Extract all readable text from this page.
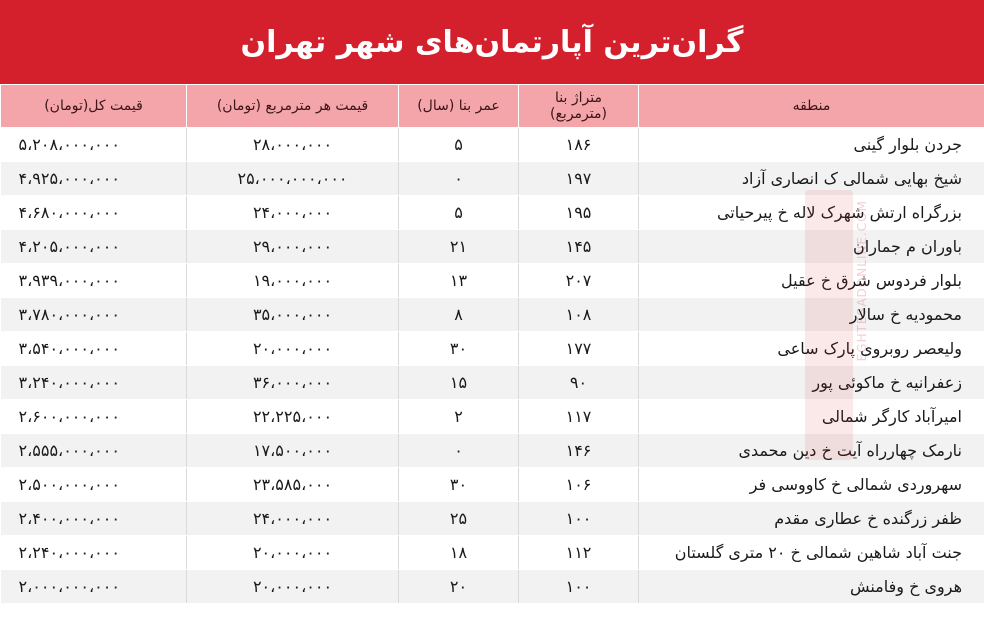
گران‌ترین آپارتمان‌های شهر تهران
منطقه	متراژ بنا (مترمربع)	عمر بنا (سال)	قیمت هر مترمربع (تومان)	قیمت کل(تومان)
جردن بلوار گینی	۱۸۶	۵	۲۸،۰۰۰،۰۰۰	۵،۲۰۸،۰۰۰،۰۰۰
شیخ بهایی شمالی ک انصاری آزاد	۱۹۷	۰	۲۵،۰۰۰،۰۰۰،۰۰۰	۴،۹۲۵،۰۰۰،۰۰۰
بزرگراه ارتش شهرک لاله خ پیرحیاتی	۱۹۵	۵	۲۴،۰۰۰،۰۰۰	۴،۶۸۰،۰۰۰،۰۰۰
باوران م جماران	۱۴۵	۲۱	۲۹،۰۰۰،۰۰۰	۴،۲۰۵،۰۰۰،۰۰۰
بلوار فردوس شرق خ عقیل	۲۰۷	۱۳	۱۹،۰۰۰،۰۰۰	۳،۹۳۹،۰۰۰،۰۰۰
محمودیه خ سالار	۱۰۸	۸	۳۵،۰۰۰،۰۰۰	۳،۷۸۰،۰۰۰،۰۰۰
ولیعصر روبروی پارک ساعی	۱۷۷	۳۰	۲۰،۰۰۰،۰۰۰	۳،۵۴۰،۰۰۰،۰۰۰
زعفرانیه خ ماکوئی پور	۹۰	۱۵	۳۶،۰۰۰،۰۰۰	۳،۲۴۰،۰۰۰،۰۰۰
امیرآباد کارگر شمالی	۱۱۷	۲	۲۲،۲۲۵،۰۰۰	۲،۶۰۰،۰۰۰،۰۰۰
نارمک چهارراه آیت خ دین محمدی	۱۴۶	۰	۱۷،۵۰۰،۰۰۰	۲،۵۵۵،۰۰۰،۰۰۰
سهروردی شمالی خ کاووسی فر	۱۰۶	۳۰	۲۳،۵۸۵،۰۰۰	۲،۵۰۰،۰۰۰،۰۰۰
ظفر زرگنده خ عطاری مقدم	۱۰۰	۲۵	۲۴،۰۰۰،۰۰۰	۲،۴۰۰،۰۰۰،۰۰۰
جنت آباد شاهین شمالی خ ۲۰ متری گلستان	۱۱۲	۱۸	۲۰،۰۰۰،۰۰۰	۲،۲۴۰،۰۰۰،۰۰۰
هروی خ وفامنش	۱۰۰	۲۰	۲۰،۰۰۰،۰۰۰	۲،۰۰۰،۰۰۰،۰۰۰
EGHTESADONLINE.COM
